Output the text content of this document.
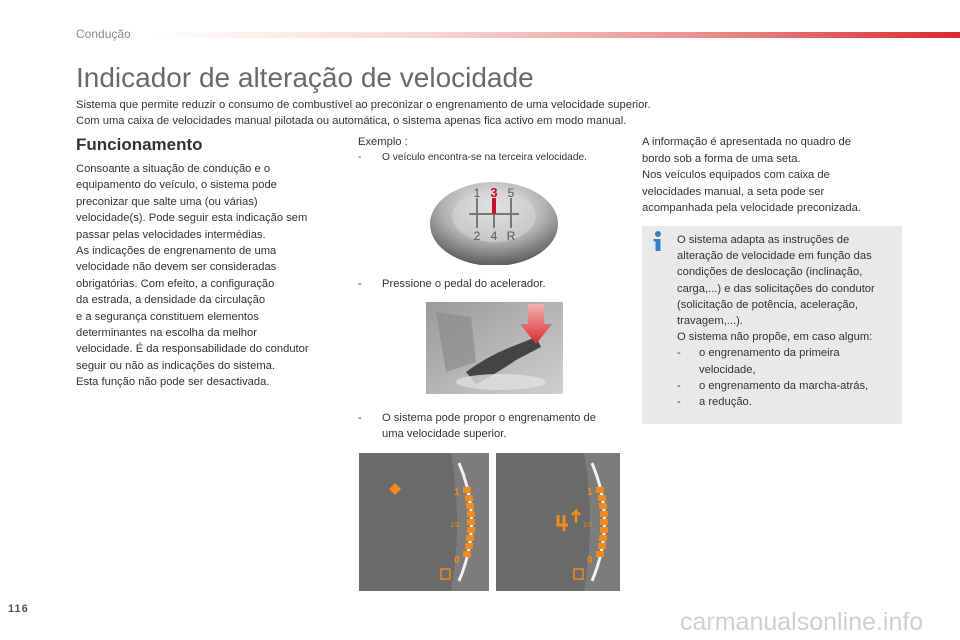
Condução
Indicador de alteração de velocidade
Sistema que permite reduzir o consumo de combustível ao preconizar o engrenamento de uma velocidade superior.
Com uma caixa de velocidades manual pilotada ou automática, o sistema apenas fica activo em modo manual.
Funcionamento
Consoante a situação de condução e o
equipamento do veículo, o sistema pode
preconizar que salte uma (ou várias)
velocidade(s). Pode seguir esta indicação sem
passar pelas velocidades intermédias.
As indicações de engrenamento de uma
velocidade não devem ser consideradas
obrigatórias. Com efeito, a configuração
da estrada, a densidade da circulação
e a segurança constituem elementos
determinantes na escolha da melhor
velocidade. É da responsabilidade do condutor
seguir ou não as indicações do sistema.
Esta função não pode ser desactivada.
Exemplo :
-	O veículo encontra-se na terceira velocidade.
1 3 5
2 4 R
-	Pressione o pedal do acelerador.
-	O sistema pode propor o engrenamento de
uma velocidade superior.
1
1/2
0
1
1/2
0
A informação é apresentada no quadro de
bordo sob a forma de uma seta.
Nos veículos equipados com caixa de
velocidades manual, a seta pode ser
acompanhada pela velocidade preconizada.
O sistema adapta as instruções de
alteração de velocidade em função das
condições de deslocação (inclinação,
carga,...) e das solicitações do condutor
(solicitação de potência, aceleração,
travagem,...).
O sistema não propõe, em caso algum:
-	o engrenamento da primeira
velocidade,
-	o engrenamento da marcha-atrás,
-	a redução.
116	carmanualsonline.info
